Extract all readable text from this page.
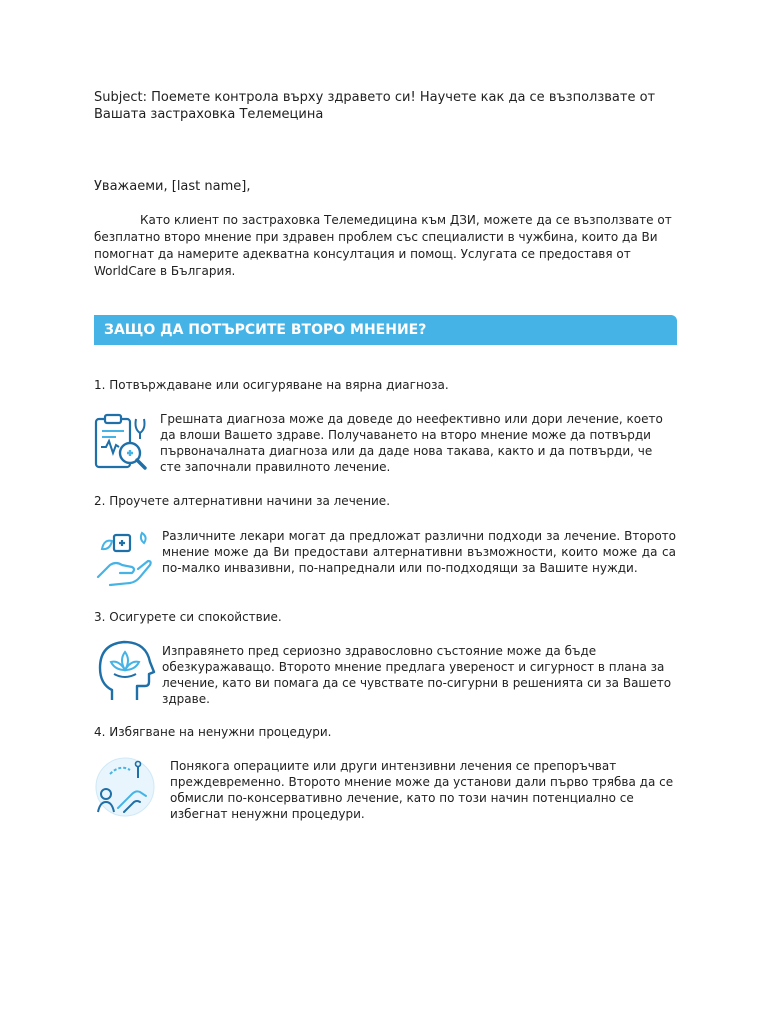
Subject: Поемете контрола върху здравето си! Научете как да се възползвате от Вашата застраховка Телемецина
Уважаеми, [last name],
Като клиент по застраховка Телемедицина към ДЗИ, можете да се възползвате от безплатно второ мнение при здравен проблем със специалисти в чужбина, които да Ви помогнат да намерите адекватна консултация и помощ. Услугата се предоставя от WorldCare в България.
ЗАЩО ДА ПОТЪРСИТЕ ВТОРО МНЕНИЕ?
1. Потвърждаване или осигуряване на вярна диагноза.
Грешната диагноза може да доведе до неефективно или дори лечение, което да влоши Вашето здраве. Получаването на второ мнение може да потвърди първоначалната диагноза или да даде нова такава, както и да потвърди, че сте започнали правилното лечение.
2. Проучете алтернативни начини за лечение.
Различните лекари могат да предложат различни подходи за лечение. Второто мнение може да Ви предостави алтернативни възможности, които може да са по-малко инвазивни, по-напреднали или по-подходящи за Вашите нужди.
3. Осигурете си спокойствие.
Изправянето пред сериозно здравословно състояние може да бъде обезкуражаващо. Второто мнение предлага увереност и сигурност в плана за лечение, като ви помага да се чувствате по-сигурни в решенията си за Вашето здраве.
4. Избягване на ненужни процедури.
Понякога операциите или други интензивни лечения се препоръчват преждевременно. Второто мнение може да установи дали първо трябва да се обмисли по-консервативно лечение, като по този начин потенциално се избегнат ненужни процедури.
